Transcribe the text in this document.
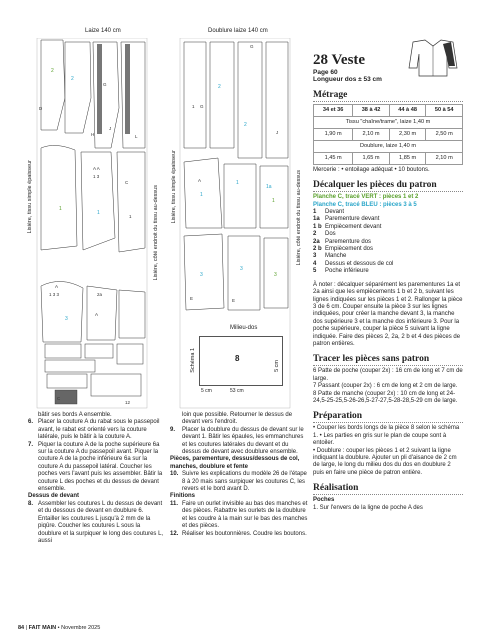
Laize 140 cm
Lisière, tissu simple épaisseur	Lisière, côté endroit du tissu au-dessus
2
2
D
G
J
L
H
A A
1 3
1
1
C
1
A
1 3 3	2a
3
A
C
12
Doublure laize 140 cm
Lisière, tissu simple épaisseur	Lisière, côté endroit du tissu au-dessus
1 G
2
2
J
G
A
1
1
1a
1
3
3
3
E	E
Schéma 1
Milieu-dos
8
5 cm	53 cm
5 cm
bâtir ses bords A ensemble.
6. Placer la couture A du rabat sous le passepoil avant, le rabat est orienté vers la couture latérale, puis le bâtir à la couture A.
7. Piquer la couture A de la poche supérieure 6a sur la couture A du passepoil avant. Piquer la couture A de la poche inférieure 6a sur la couture A du passepoil latéral. Coucher les poches vers l'avant puis les assembler. Bâtir la couture L des poches et du dessus de devant ensemble.
Dessus de devant
8. Assembler les coutures L du dessus de devant et du dessous de devant en doublure 6. Entailler les coutures L jusqu'à 2 mm de la piqûre. Coucher les coutures L sous la doublure et la surpiquer le long des coutures L, aussi
loin que possible. Retourner le dessus de devant vers l'endroit.
9.	Placer la doublure du dessus de devant sur le devant 1. Bâtir les épaules, les emmanchures et les coutures latérales du devant et du dessus de devant avec doublure ensemble.
Pièces, parementure, dessus/dessous de col, manches, doublure et fente
10. Suivre les explications du modèle 26 de l'étape 8 à 20 mais sans surpiquer les coutures C, les revers et le bord avant D.
Finitions
11. Faire un ourlet invisible au bas des manches et des pièces. Rabattre les ourlets de la doublure et les coudre à la main sur le bas des manches et des pièces.
12. Réaliser les boutonnières. Coudre les boutons.
28 Veste
Page 60
Longueur dos ± 53 cm
Métrage
34 et 36	38 à 42	44 à 48	50 à 54
Tissu "chaîne/trame", laize 1,40 m			
1,90 m	2,10 m	2,30 m	2,50 m
Doublure, laize 1,40 m			
1,45 m	1,65 m	1,85 m	2,10 m
Mercerie : • entoilage adéquat • 10 boutons.
Décalquer les pièces du patron
Planche C, tracé VERT : pièces 1 et 2
Planche C, tracé BLEU : pièces 3 à 5
1 Devant
1a Parementure devant
1 b Empiècement devant
2 Dos
2a Parementure dos
2 b Empiècement dos
3 Manche
4 Dessus et dessous de col
5 Poche inférieure
À noter : décalquer séparément les parementures 1a et 2a ainsi que les empiècements 1 b et 2 b, suivant les lignes indiquées sur les pièces 1 et 2. Rallonger la pièce 3 de 6 cm. Couper ensuite la pièce 3 sur les lignes indiquées, pour créer la manche devant 3, la manche dos supérieure 3 et la manche dos inférieure 3. Pour la poche supérieure, couper la pièce 5 suivant la ligne indiquée. Faire des pièces 2, 2a, 2 b et 4 des pièces de patron entières.
Tracer les pièces sans patron
6 Patte de poche (couper 2x) : 16 cm de long et 7 cm de large.
7 Passant (couper 2x) : 6 cm de long et 2 cm de large.
8 Patte de manche (couper 2x) : 10 cm de long et 24-24,5-25-25,5-26-26,5-27-27,5-28-28,5-29 cm de large.
Préparation
• Couper les bords longs de la pièce 8 selon le schéma 1. • Les parties en gris sur le plan de coupe sont à entoiler.
• Doublure : couper les pièces 1 et 2 suivant la ligne indiquant la doublure. Ajouter un pli d'aisance de 2 cm de large, le long du milieu dos du dos en doublure 2 puis en faire une pièce de patron entière.
Réalisation
Poches
1. Sur l'envers de la ligne de poche A des
84 | FAIT MAIN • Novembre 2025
